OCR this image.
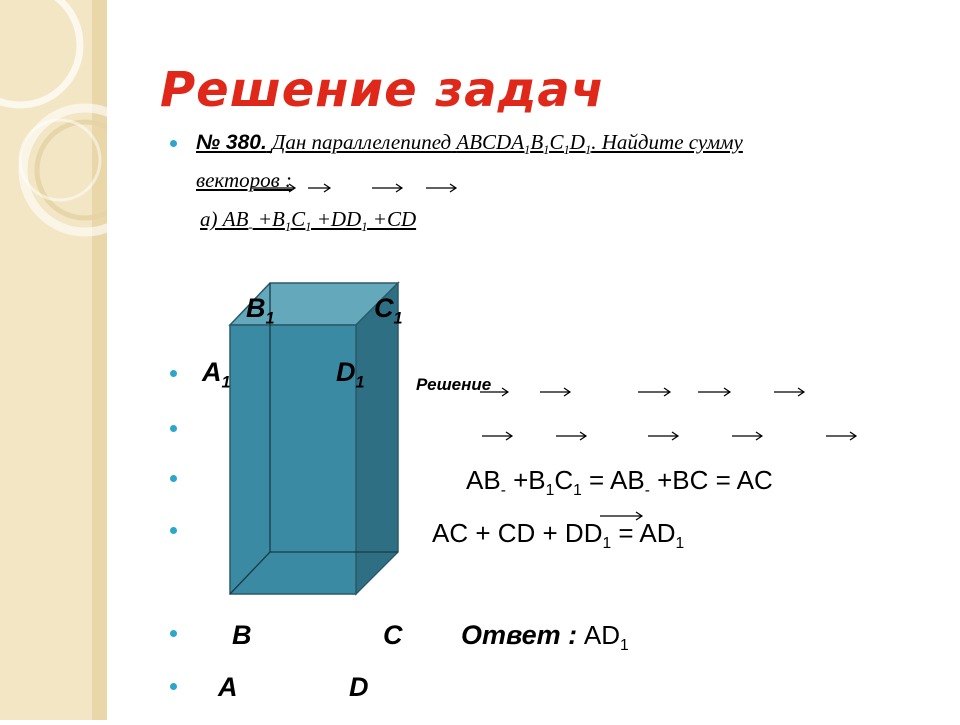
Решение задач
№ 380. Дан параллелепипед $ABCDA_1B_1C_1D_1$. Найдите сумму
векторов :
а) $AB_- +B_1C_1 +DD_1 +CD$
$B_1$	$C_1$
$A_1$	$D_1$
B	C
A	D
Решение
$AB_- +B_1C_1 = AB_- +BC$ = AC
AC + CD + $DD_1 = AD_1$
Ответ : $AD_1$
